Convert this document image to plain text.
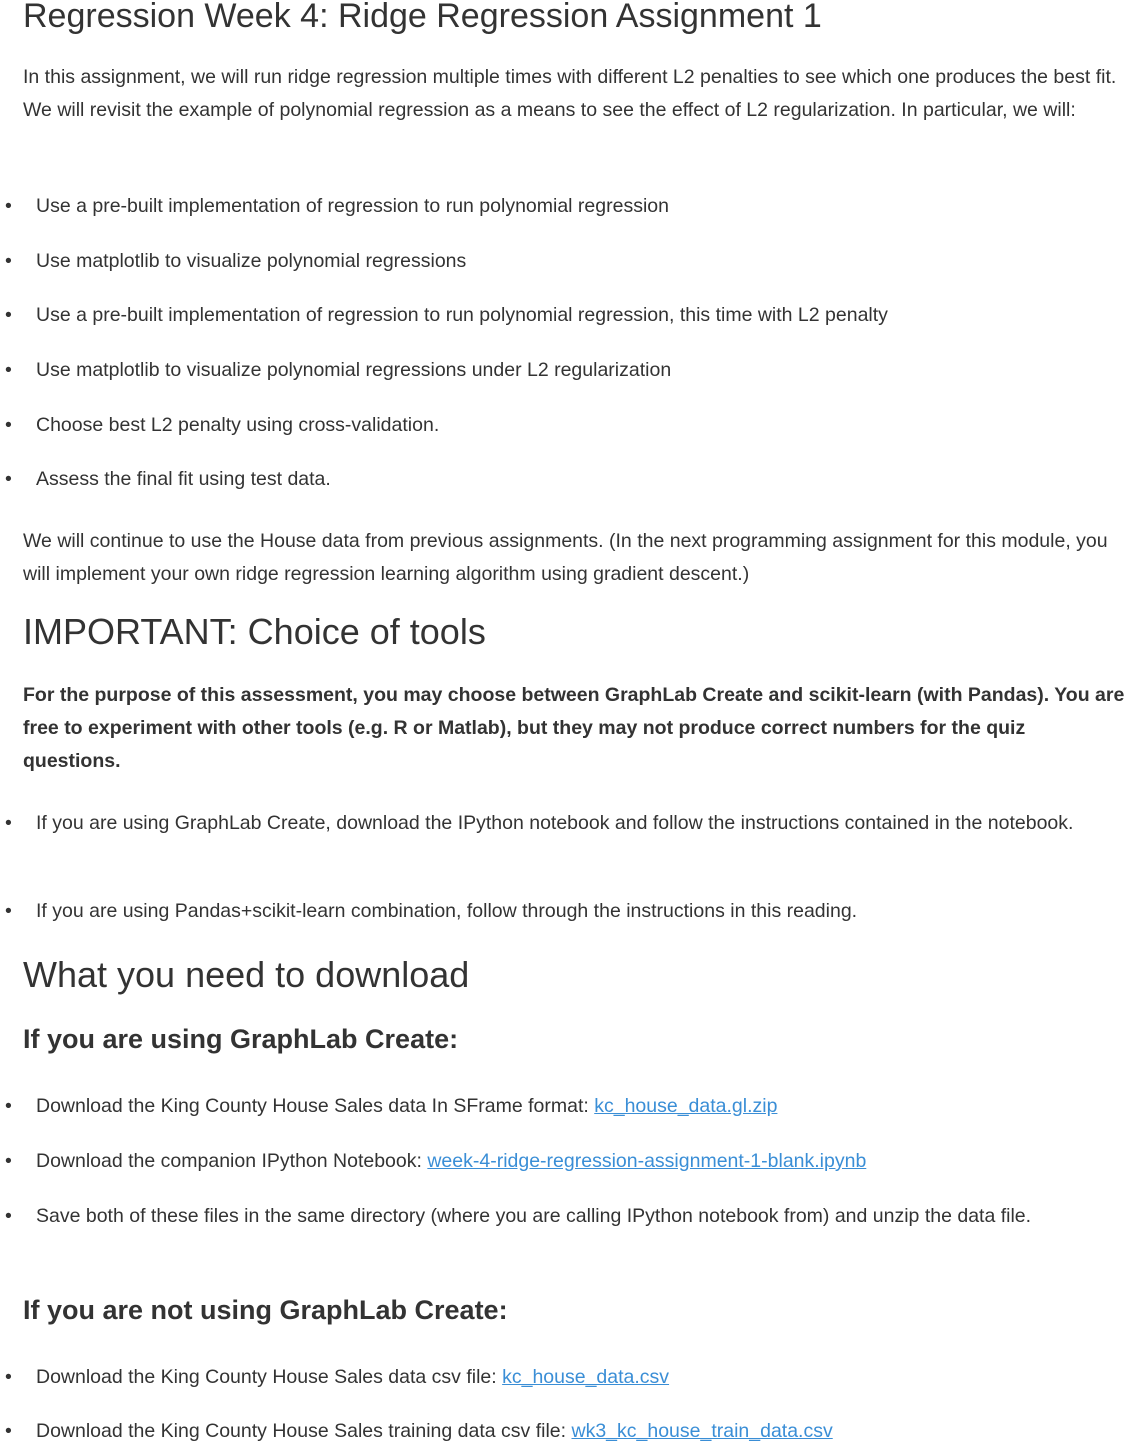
Regression Week 4: Ridge Regression Assignment 1

In this assignment, we will run ridge regression multiple times with different L2 penalties to see which one produces the best fit. We will revisit the example of polynomial regression as a means to see the effect of L2 regularization. In particular, we will:

• Use a pre-built implementation of regression to run polynomial regression
• Use matplotlib to visualize polynomial regressions
• Use a pre-built implementation of regression to run polynomial regression, this time with L2 penalty
• Use matplotlib to visualize polynomial regressions under L2 regularization
• Choose best L2 penalty using cross-validation.
• Assess the final fit using test data.

We will continue to use the House data from previous assignments. (In the next programming assignment for this module, you will implement your own ridge regression learning algorithm using gradient descent.)

IMPORTANT: Choice of tools

For the purpose of this assessment, you may choose between GraphLab Create and scikit-learn (with Pandas). You are free to experiment with other tools (e.g. R or Matlab), but they may not produce correct numbers for the quiz questions.

• If you are using GraphLab Create, download the IPython notebook and follow the instructions contained in the notebook.
• If you are using Pandas+scikit-learn combination, follow through the instructions in this reading.
What you need to download
If you are using GraphLab Create:
• Download the King County House Sales data In SFrame format: kc_house_data.gl.zip
• Download the companion IPython Notebook: week-4-ridge-regression-assignment-1-blank.ipynb
• Save both of these files in the same directory (where you are calling IPython notebook from) and unzip the data file.
If you are not using GraphLab Create:
• Download the King County House Sales data csv file: kc_house_data.csv
• Download the King County House Sales training data csv file: wk3_kc_house_train_data.csv
